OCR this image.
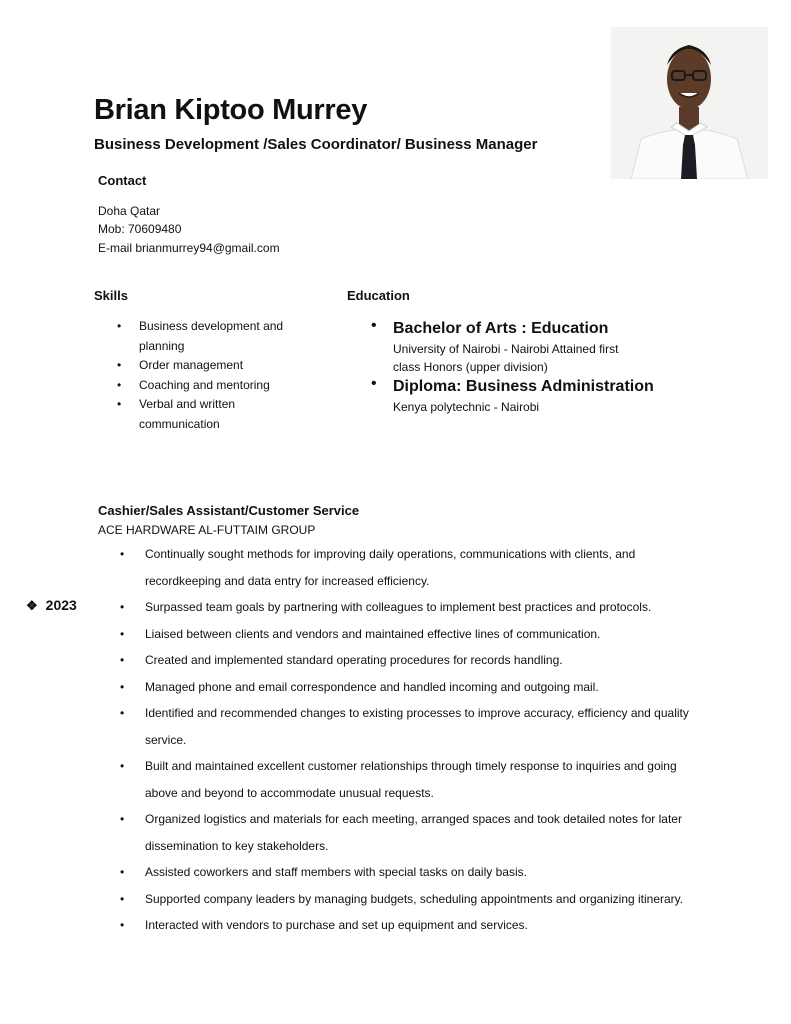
Brian Kiptoo Murrey
Business Development /Sales Coordinator/ Business Manager
Contact
Doha Qatar
Mob: 70609480
E-mail brianmurrey94@gmail.com
Skills
• Business development and
planning
• Order management
• Coaching and mentoring
• Verbal and written
communication
Education
• Bachelor of Arts : Education
University of Nairobi - Nairobi Attained first
class Honors (upper division)
• Diploma: Business Administration
Kenya polytechnic - Nairobi
❖ 2023
Cashier/Sales Assistant/Customer Service
ACE HARDWARE AL-FUTTAIM GROUP
• Continually sought methods for improving daily operations, communications with clients, and
recordkeeping and data entry for increased efficiency.
• Surpassed team goals by partnering with colleagues to implement best practices and protocols.
• Liaised between clients and vendors and maintained effective lines of communication.
• Created and implemented standard operating procedures for records handling.
• Managed phone and email correspondence and handled incoming and outgoing mail.
• Identified and recommended changes to existing processes to improve accuracy, efficiency and quality
service.
• Built and maintained excellent customer relationships through timely response to inquiries and going
above and beyond to accommodate unusual requests.
• Organized logistics and materials for each meeting, arranged spaces and took detailed notes for later
dissemination to key stakeholders.
• Assisted coworkers and staff members with special tasks on daily basis.
• Supported company leaders by managing budgets, scheduling appointments and organizing itinerary.
• Interacted with vendors to purchase and set up equipment and services.
